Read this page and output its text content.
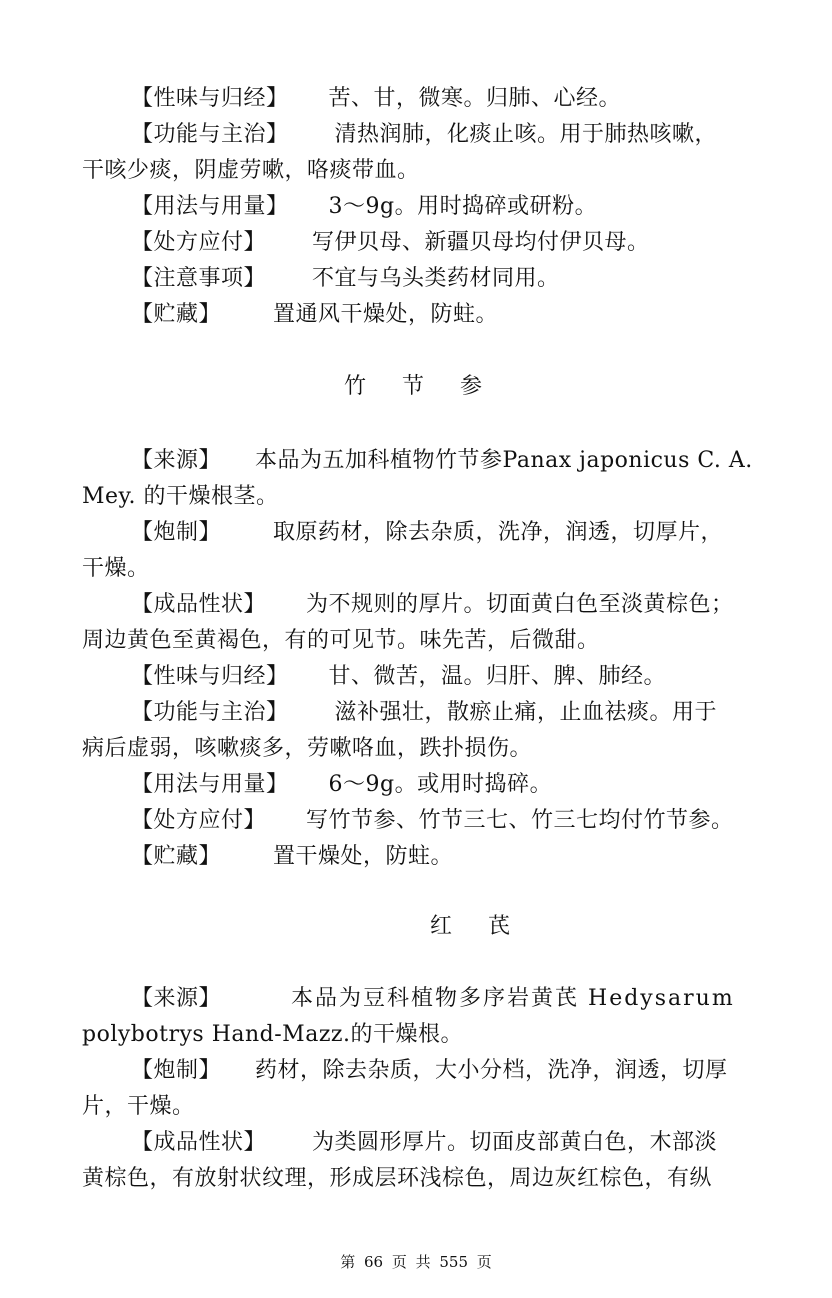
【性味与归经】 苦、甘，微寒。归肺、心经。
【功能与主治】 清热润肺，化痰止咳。用于肺热咳嗽，
干咳少痰，阴虚劳嗽，咯痰带血。
【用法与用量】 3～9g。用时捣碎或研粉。
【处方应付】 写伊贝母、新疆贝母均付伊贝母。
【注意事项】 不宜与乌头类药材同用。
【贮藏】 置通风干燥处，防蛀。
竹 节 参
【来源】 本品为五加科植物竹节参Panax japonicus C. A.
Mey. 的干燥根茎。
【炮制】 取原药材，除去杂质，洗净，润透，切厚片，
干燥。
【成品性状】 为不规则的厚片。切面黄白色至淡黄棕色；
周边黄色至黄褐色，有的可见节。味先苦，后微甜。
【性味与归经】 甘、微苦，温。归肝、脾、肺经。
【功能与主治】 滋补强壮，散瘀止痛，止血祛痰。用于
病后虚弱，咳嗽痰多，劳嗽咯血，跌扑损伤。
【用法与用量】 6～9g。或用时捣碎。
【处方应付】 写竹节参、竹节三七、竹三七均付竹节参。
【贮藏】 置干燥处，防蛀。
红 芪
【来源】	本品为豆科植物多序岩黄芪 Hedysarum
polybotrys Hand-Mazz.的干燥根。
【炮制】 药材，除去杂质，大小分档，洗净，润透，切厚
片，干燥。
【成品性状】 为类圆形厚片。切面皮部黄白色，木部淡
黄棕色，有放射状纹理，形成层环浅棕色，周边灰红棕色，有纵
第 66 页 共 555 页
